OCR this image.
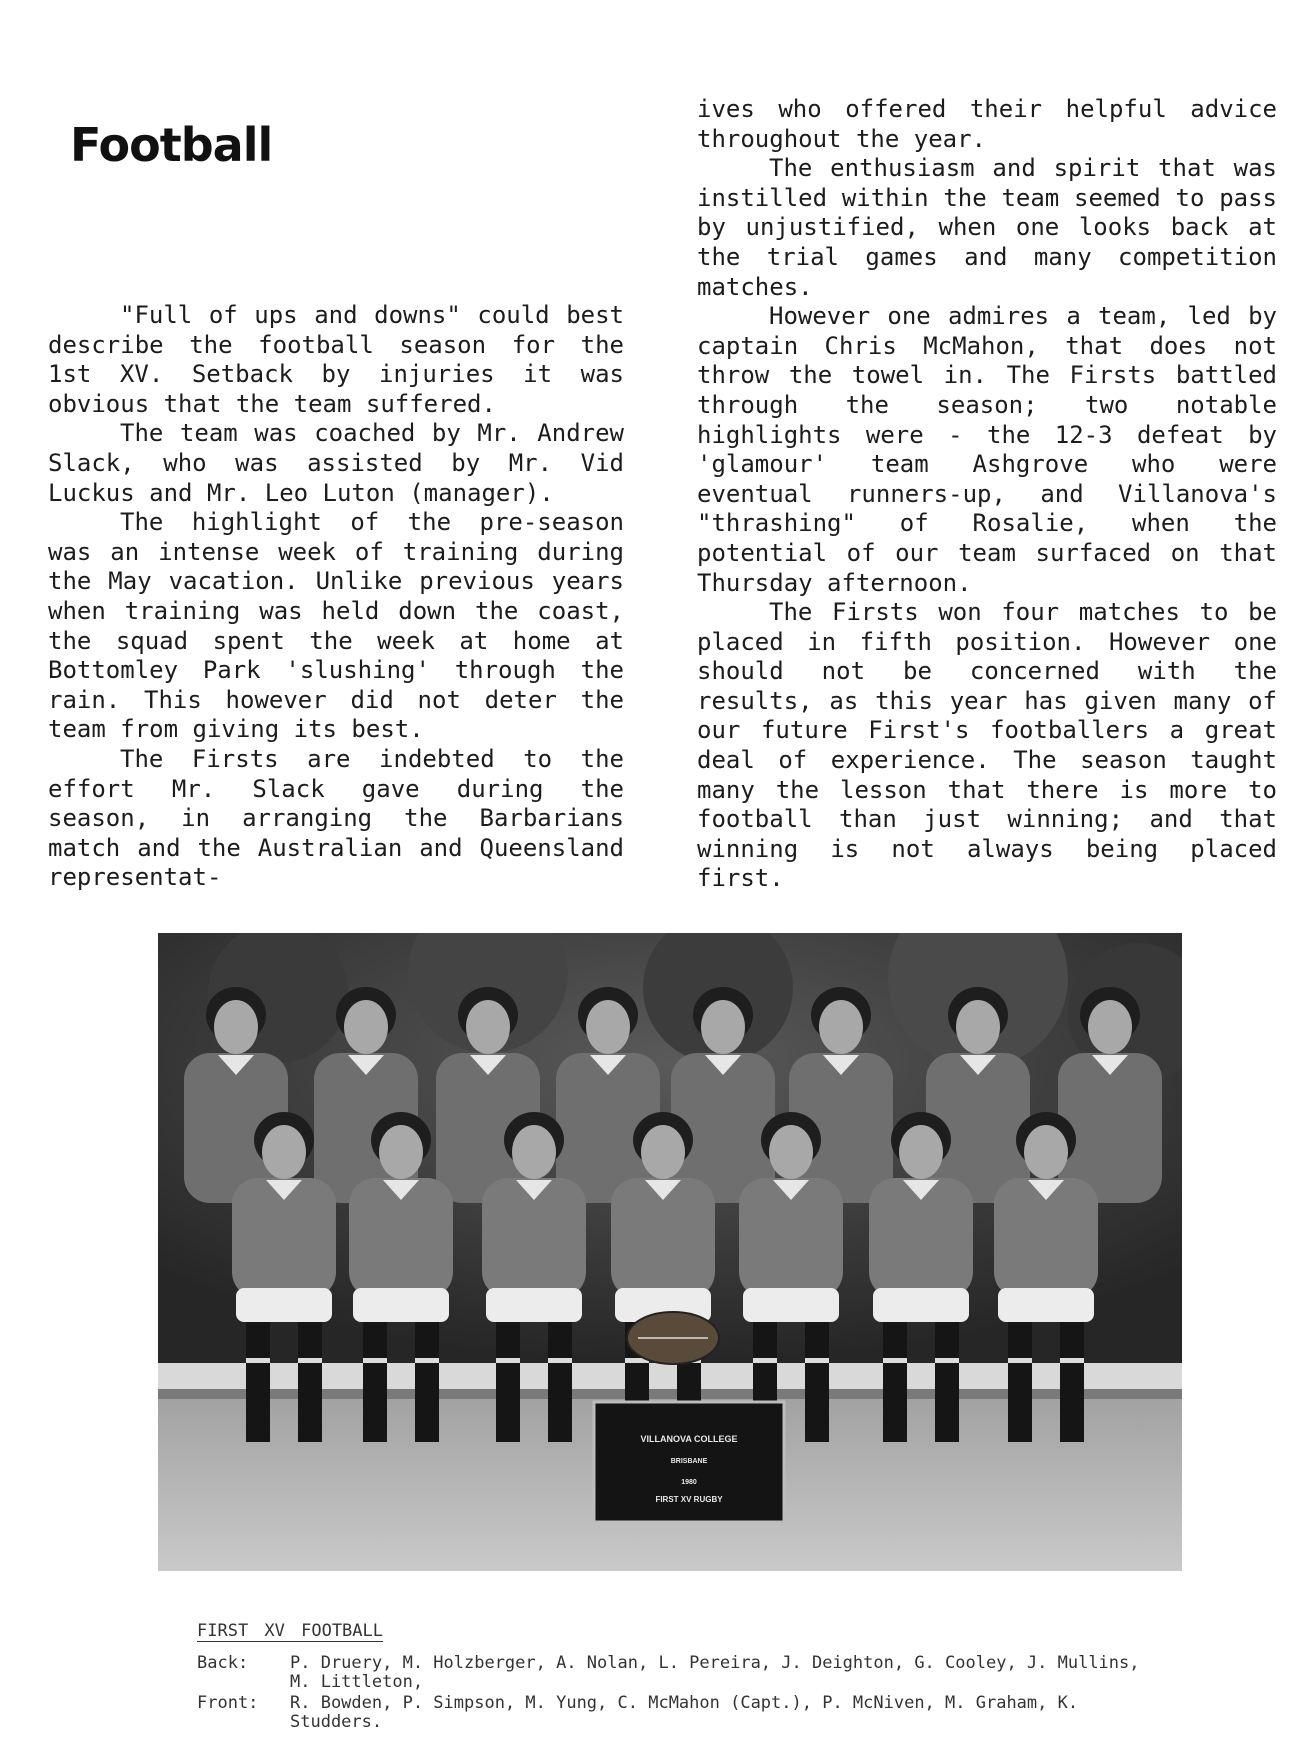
Football

"Full of ups and downs" could best describe the football season for the 1st XV. Setback by injuries it was obvious that the team suffered.

The team was coached by Mr. Andrew Slack, who was assisted by Mr. Vid Luckus and Mr. Leo Luton (manager).

The highlight of the pre-season was an intense week of training during the May vacation. Unlike previous years when training was held down the coast, the squad spent the week at home at Bottomley Park 'slushing' through the rain. This however did not deter the team from giving its best.

The Firsts are indebted to the effort Mr. Slack gave during the season, in arranging the Barbarians match and the Australian and Queensland representat-

ives who offered their helpful advice throughout the year.

The enthusiasm and spirit that was instilled within the team seemed to pass by unjustified, when one looks back at the trial games and many competition matches.

However one admires a team, led by captain Chris McMahon, that does not throw the towel in. The Firsts battled through the season; two notable highlights were - the 12-3 defeat by 'glamour' team Ashgrove who were eventual runners-up, and Villanova's "thrashing" of Rosalie, when the potential of our team surfaced on that Thursday afternoon.

The Firsts won four matches to be placed in fifth position. However one should not be concerned with the results, as this year has given many of our future First's footballers a great deal of experience. The season taught many the lesson that there is more to football than just winning; and that winning is not always being placed first.

VILLANOVA COLLEGE
BRISBANE
1980
FIRST XV RUGBY
FIRST XV FOOTBALL
Back:	P. Druery, M. Holzberger, A. Nolan, L. Pereira, J. Deighton, G. Cooley, J. Mullins, M. Littleton,
Front:	R. Bowden, P. Simpson, M. Yung, C. McMahon (Capt.), P. McNiven, M. Graham, K. Studders.
